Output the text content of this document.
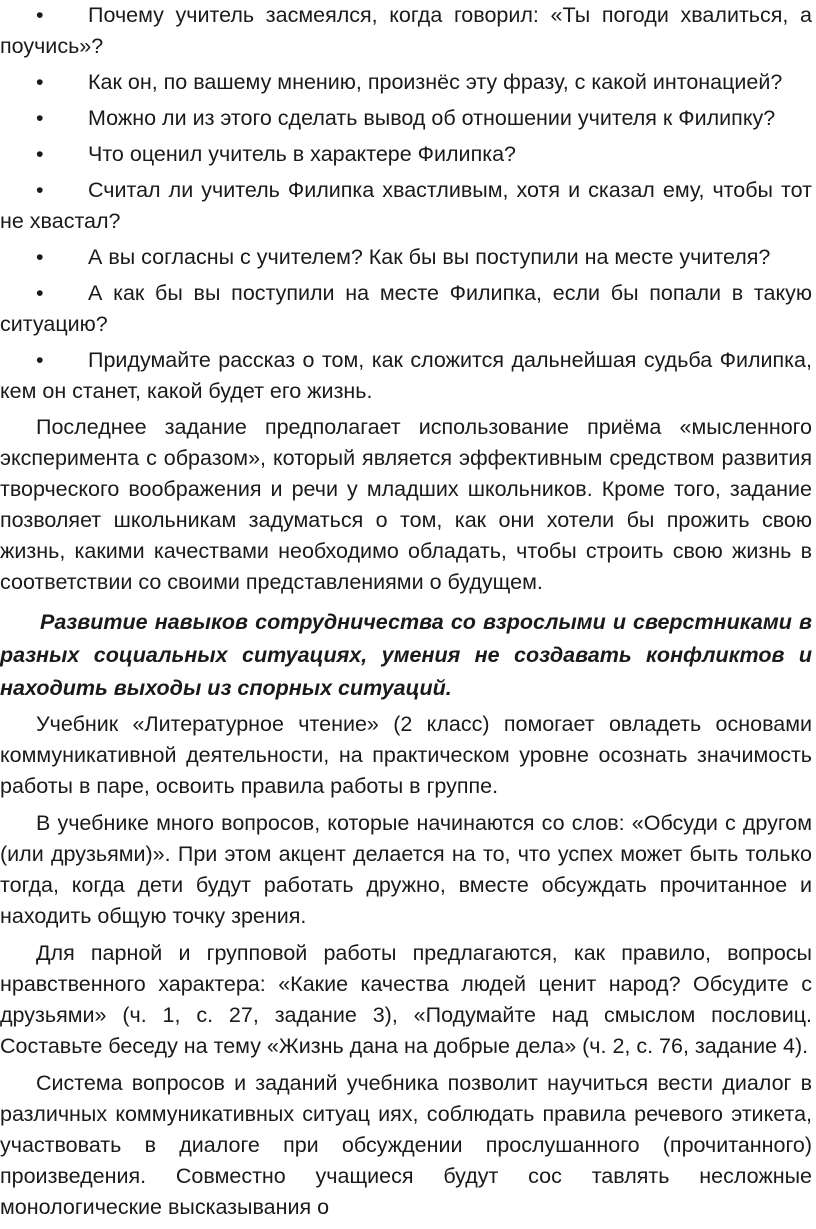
• Почему учитель засмеялся, когда говорил: «Ты погоди хвалиться, а поучись»?
• Как он, по вашему мнению, произнёс эту фразу, с какой интонацией?
• Можно ли из этого сделать вывод об отношении учителя к Филипку?
• Что оценил учитель в характере Филипка?
• Считал ли учитель Филипка хвастливым, хотя и сказал ему, чтобы тот не хвастал?
• А вы согласны с учителем? Как бы вы поступили на месте учителя?
• А как бы вы поступили на месте Филипка, если бы попали в такую ситуацию?
• Придумайте рассказ о том, как сложится дальнейшая судьба Филипка, кем он станет, какой будет его жизнь.

Последнее задание предполагает использование приёма «мысленного эксперимента с образом», который является эффективным средством развития творческого воображения и речи у младших школьников. Кроме того, задание позволяет школьникам задуматься о том, как они хотели бы прожить свою жизнь, какими качествами необходимо обладать, чтобы строить свою жизнь в соответствии со своими представлениями о будущем.

Развитие навыков сотрудничества со взрослыми и сверстниками в разных социальных ситуациях, умения не создавать конфликтов и находить выходы из спорных ситуаций.

Учебник «Литературное чтение» (2 класс) помогает овладеть основами коммуникативной деятельности, на практическом уровне осознать значимость работы в паре, освоить правила работы в группе.

В учебнике много вопросов, которые начинаются со слов: «Обсуди с другом (или друзьями)». При этом акцент делается на то, что успех может быть только тогда, когда дети будут работать дружно, вместе обсуждать прочитанное и находить общую точку зрения.

Для парной и групповой работы предлагаются, как правило, вопросы нравственного характера: «Какие качества людей ценит народ? Обсудите с друзьями» (ч. 1, с. 27, задание 3), «Подумайте над смыслом пословиц. Составьте беседу на тему «Жизнь дана на добрые дела» (ч. 2, с. 76, задание 4).

Система вопросов и заданий учебника позволит научиться вести диалог в различных коммуникативных ситуац иях, соблюдать правила речевого этикета, участвовать в диалоге при обсуждении прослушанного (прочитанного) произведения. Совместно учащиеся будут сос тавлять несложные монологические высказывания о
